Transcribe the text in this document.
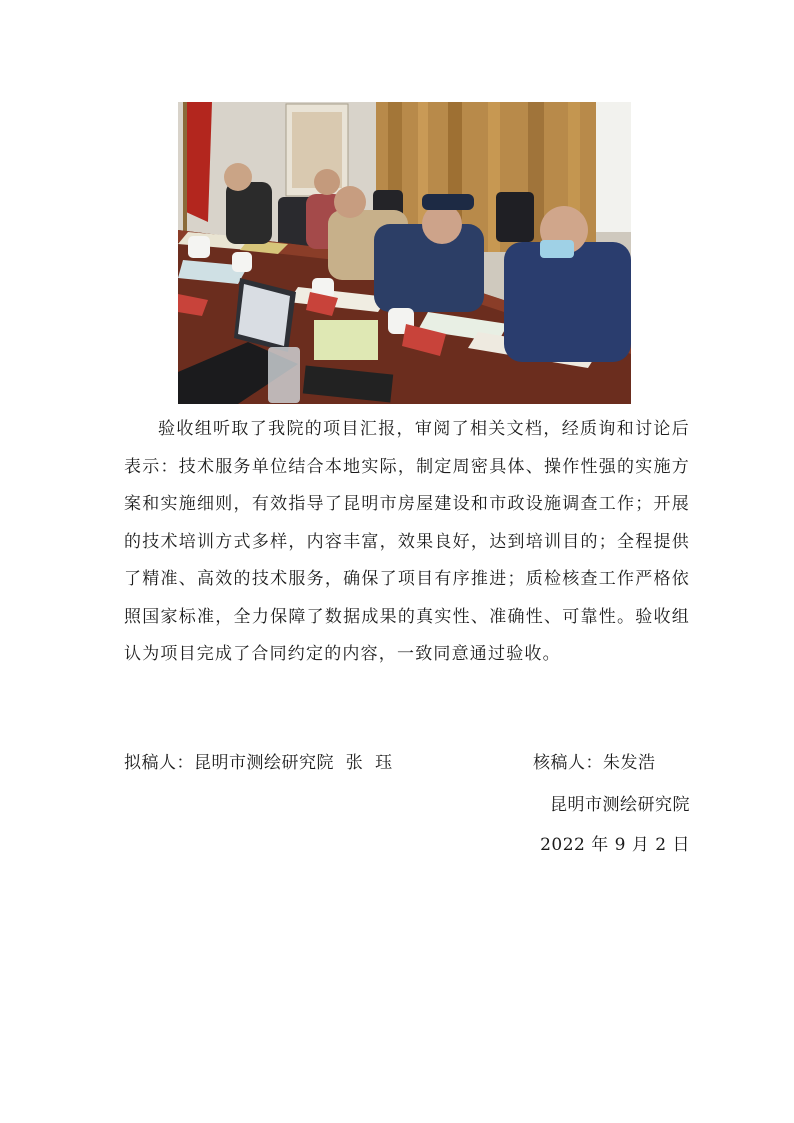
验收组听取了我院的项目汇报，审阅了相关文档，经质询和讨论后表示：技术服务单位结合本地实际，制定周密具体、操作性强的实施方案和实施细则，有效指导了昆明市房屋建设和市政设施调查工作；开展的技术培训方式多样，内容丰富，效果良好，达到培训目的；全程提供了精准、高效的技术服务，确保了项目有序推进；质检核查工作严格依照国家标准，全力保障了数据成果的真实性、准确性、可靠性。验收组认为项目完成了合同约定的内容，一致同意通过验收。

拟稿人：昆明市测绘研究院  张  珏	核稿人：朱发浩
昆明市测绘研究院
2022 年 9 月 2 日
